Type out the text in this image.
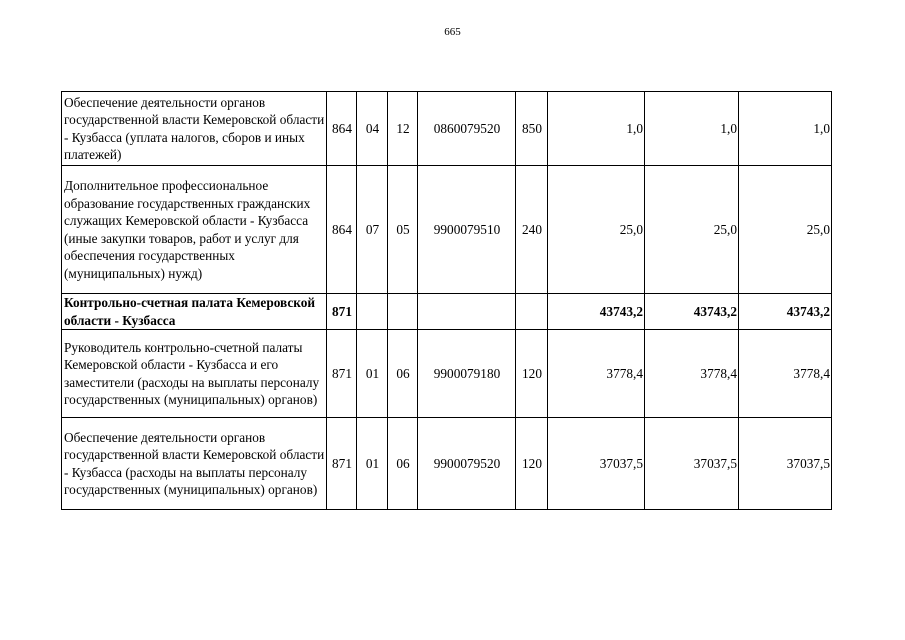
665
Обеспечение деятельности органов государственной власти Кемеровской области - Кузбасса (уплата налогов, сборов и иных платежей)	864	04	12	0860079520	850	1,0	1,0	1,0
Дополнительное профессиональное образование государственных гражданских служащих Кемеровской области - Кузбасса (иные закупки товаров, работ и услуг для обеспечения государственных (муниципальных) нужд)	864	07	05	9900079510	240	25,0	25,0	25,0
Контрольно-счетная палата Кемеровской области - Кузбасса	871					43743,2	43743,2	43743,2
Руководитель контрольно-счетной палаты Кемеровской области - Кузбасса и его заместители (расходы на выплаты персоналу государственных (муниципальных) органов)	871	01	06	9900079180	120	3778,4	3778,4	3778,4
Обеспечение деятельности органов государственной власти Кемеровской области - Кузбасса (расходы на выплаты персоналу государственных (муниципальных) органов)	871	01	06	9900079520	120	37037,5	37037,5	37037,5
